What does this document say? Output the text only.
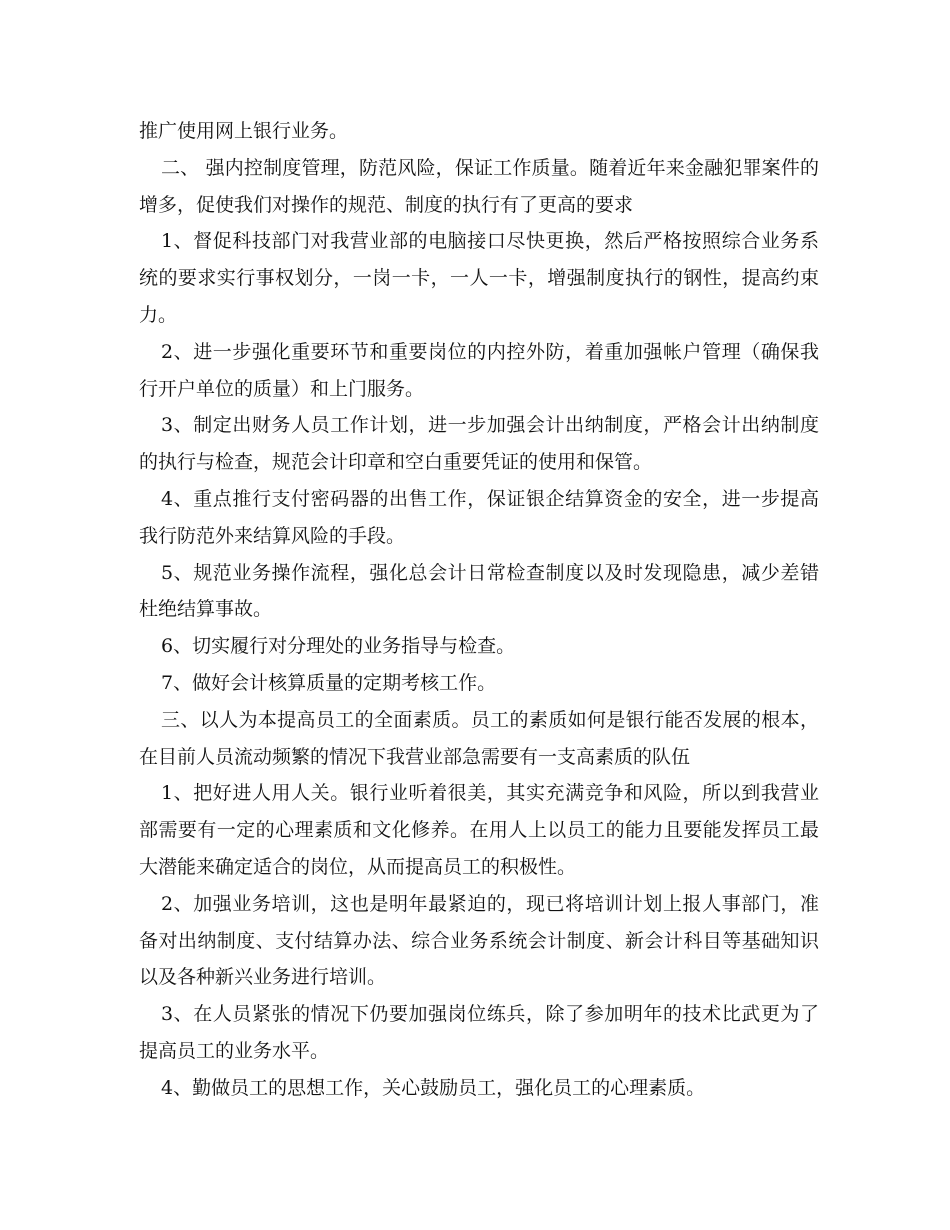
推广使用网上银行业务。

二、 强内控制度管理，防范风险，保证工作质量。随着近年来金融犯罪案件的增多，促使我们对操作的规范、制度的执行有了更高的要求

1、督促科技部门对我营业部的电脑接口尽快更换，然后严格按照综合业务系统的要求实行事权划分，一岗一卡，一人一卡，增强制度执行的钢性，提高约束力。

2、进一步强化重要环节和重要岗位的内控外防，着重加强帐户管理（确保我行开户单位的质量）和上门服务。

3、制定出财务人员工作计划，进一步加强会计出纳制度，严格会计出纳制度的执行与检查，规范会计印章和空白重要凭证的使用和保管。

4、重点推行支付密码器的出售工作，保证银企结算资金的安全，进一步提高我行防范外来结算风险的手段。

5、规范业务操作流程，强化总会计日常检查制度以及时发现隐患，减少差错杜绝结算事故。

6、切实履行对分理处的业务指导与检查。

7、做好会计核算质量的定期考核工作。

三、以人为本提高员工的全面素质。员工的素质如何是银行能否发展的根本，在目前人员流动频繁的情况下我营业部急需要有一支高素质的队伍

1、把好进人用人关。银行业听着很美，其实充满竞争和风险，所以到我营业部需要有一定的心理素质和文化修养。在用人上以员工的能力且要能发挥员工最大潜能来确定适合的岗位，从而提高员工的积极性。

2、加强业务培训，这也是明年最紧迫的，现已将培训计划上报人事部门，准备对出纳制度、支付结算办法、综合业务系统会计制度、新会计科目等基础知识以及各种新兴业务进行培训。

3、在人员紧张的情况下仍要加强岗位练兵，除了参加明年的技术比武更为了提高员工的业务水平。

4、勤做员工的思想工作，关心鼓励员工，强化员工的心理素质。
